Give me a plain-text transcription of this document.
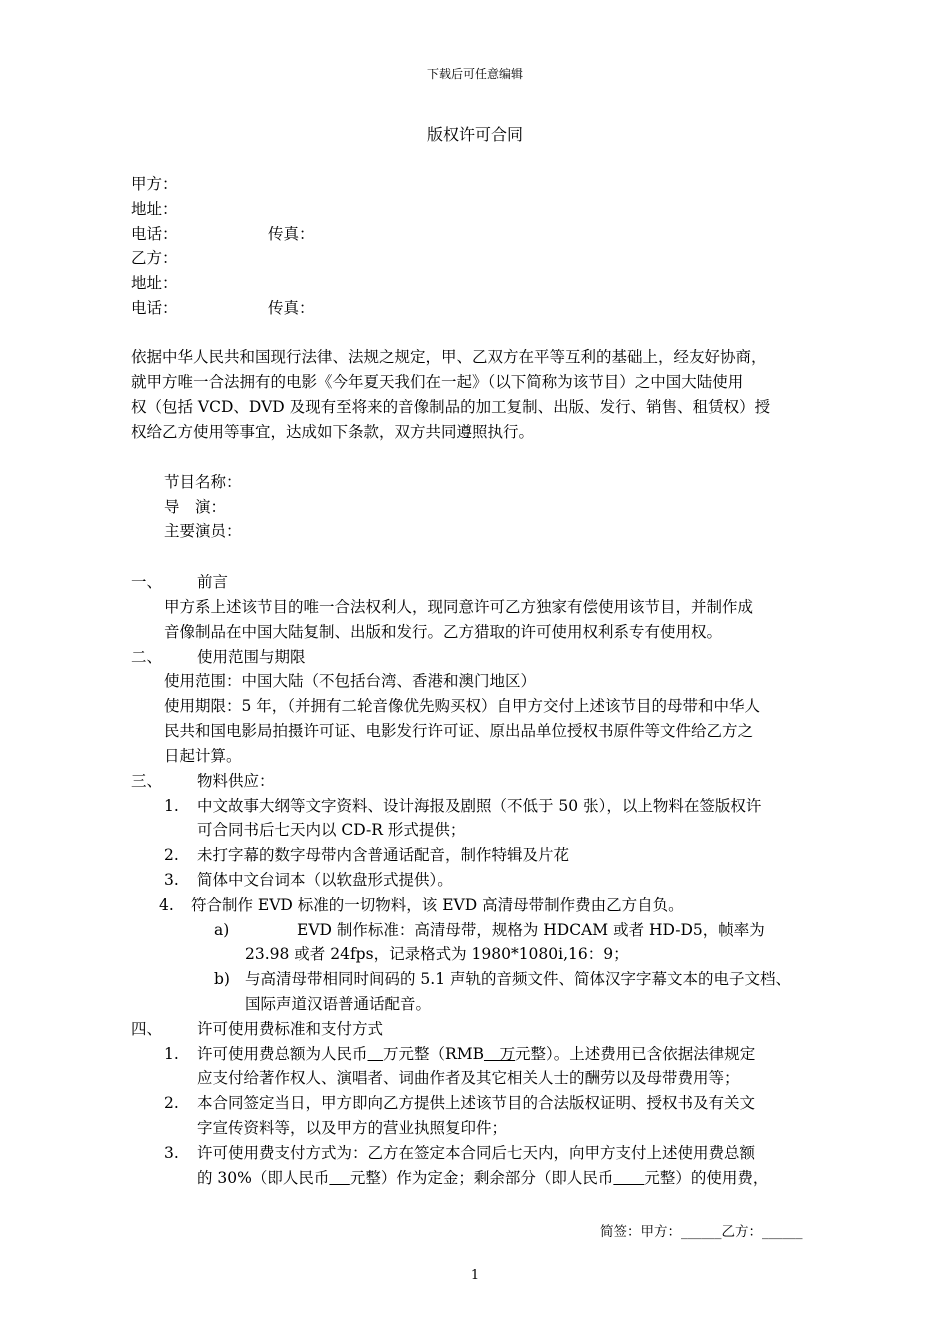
下载后可任意编辑
版权许可合同
甲方：
地址：
电话：	传真：
乙方：
地址：
电话：	传真：
依据中华人民共和国现行法律、法规之规定，甲、乙双方在平等互利的基础上，经友好协商，
就甲方唯一合法拥有的电影《今年夏天我们在一起》（以下简称为该节目）之中国大陆使用
权（包括 VCD、DVD 及现有至将来的音像制品的加工复制、出版、发行、销售、租赁权）授
权给乙方使用等事宜，达成如下条款，双方共同遵照执行。
节目名称：
导　演：
主要演员：
一、 前言
甲方系上述该节目的唯一合法权利人，现同意许可乙方独家有偿使用该节目，并制作成
音像制品在中国大陆复制、出版和发行。乙方猎取的许可使用权利系专有使用权。
二、 使用范围与期限
使用范围：中国大陆（不包括台湾、香港和澳门地区）
使用期限：5 年，（并拥有二轮音像优先购买权）自甲方交付上述该节目的母带和中华人
民共和国电影局拍摄许可证、电影发行许可证、原出品单位授权书原件等文件给乙方之
日起计算。
三、 物料供应：
1. 中文故事大纲等文字资料、设计海报及剧照（不低于 50 张），以上物料在签版权许
可合同书后七天内以 CD-R 形式提供；
2. 未打字幕的数字母带内含普通话配音，制作特辑及片花
3. 简体中文台词本（以软盘形式提供）。
4. 符合制作 EVD 标准的一切物料，该 EVD 高清母带制作费由乙方自负。
a)	EVD 制作标准：高清母带，规格为 HDCAM 或者 HD-D5，帧率为
23.98 或者 24fps，记录格式为 1980*1080i,16：9；
b) 与高清母带相同时间码的 5.1 声轨的音频文件、简体汉字字幕文本的电子文档、
国际声道汉语普通话配音。
四、 许可使用费标准和支付方式
1. 许可使用费总额为人民币　 万元整（RMB　万元整）。上述费用已含依据法律规定
应支付给著作权人、演唱者、词曲作者及其它相关人士的酬劳以及母带费用等；
2. 本合同签定当日，甲方即向乙方提供上述该节目的合法版权证明、授权书及有关文
字宣传资料等，以及甲方的营业执照复印件；
3. 许可使用费支付方式为：乙方在签定本合同后七天内，向甲方支付上述使用费总额
的 30%（即人民币　 元整）作为定金；剩余部分（即人民币　　 元整）的使用费，
简签：甲方：______乙方：______
1
